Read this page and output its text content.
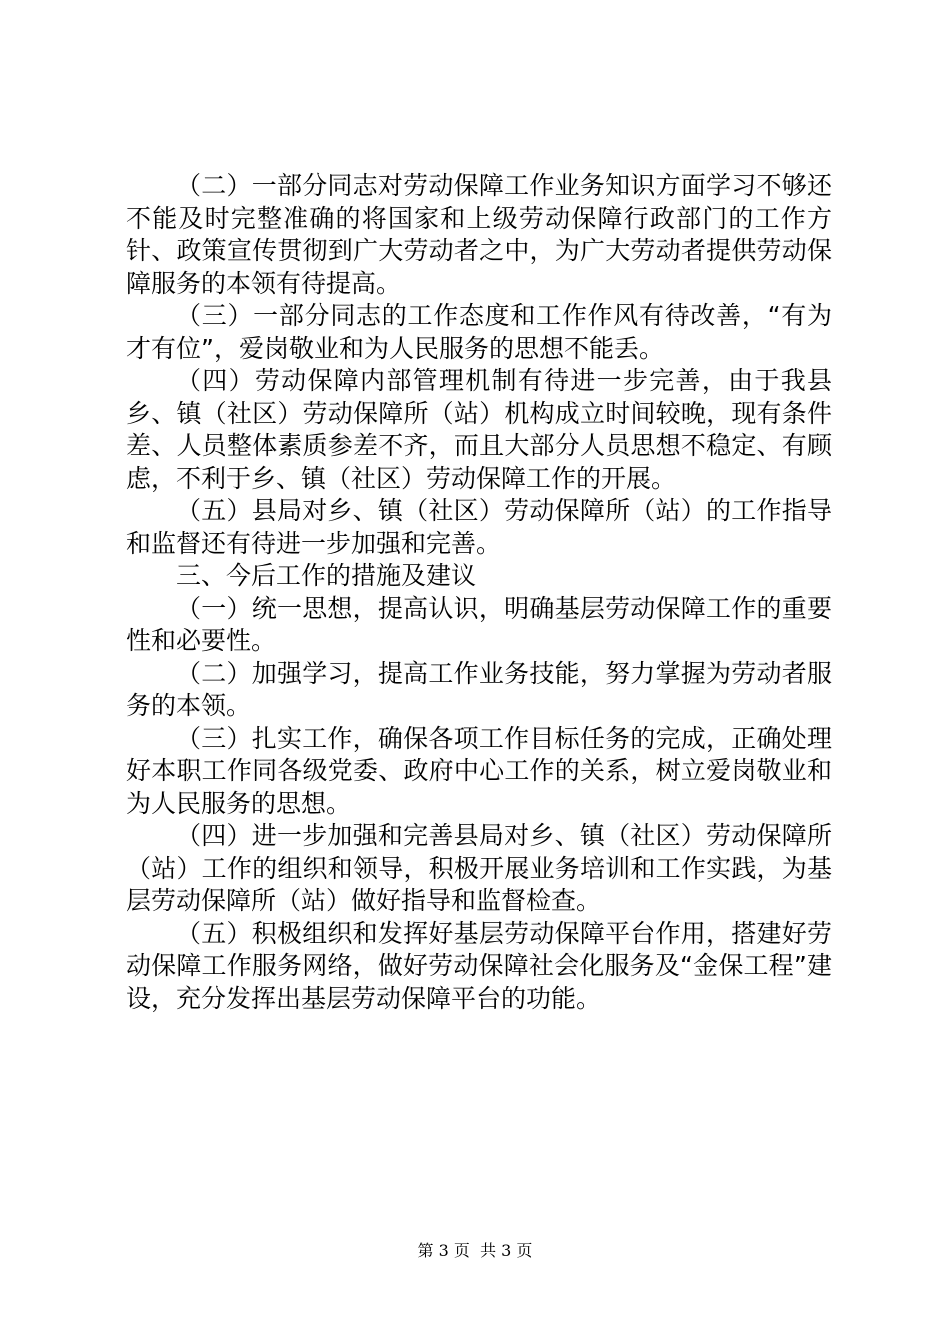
（二）一部分同志对劳动保障工作业务知识方面学习不够还不能及时完整准确的将国家和上级劳动保障行政部门的工作方针、政策宣传贯彻到广大劳动者之中，为广大劳动者提供劳动保障服务的本领有待提高。

（三）一部分同志的工作态度和工作作风有待改善，“有为才有位”，爱岗敬业和为人民服务的思想不能丢。

（四）劳动保障内部管理机制有待进一步完善，由于我县乡、镇（社区）劳动保障所（站）机构成立时间较晚，现有条件差、人员整体素质参差不齐，而且大部分人员思想不稳定、有顾虑，不利于乡、镇（社区）劳动保障工作的开展。

（五）县局对乡、镇（社区）劳动保障所（站）的工作指导和监督还有待进一步加强和完善。

三、今后工作的措施及建议

（一）统一思想，提高认识，明确基层劳动保障工作的重要性和必要性。

（二）加强学习，提高工作业务技能，努力掌握为劳动者服务的本领。

（三）扎实工作，确保各项工作目标任务的完成，正确处理好本职工作同各级党委、政府中心工作的关系，树立爱岗敬业和为人民服务的思想。

（四）进一步加强和完善县局对乡、镇（社区）劳动保障所（站）工作的组织和领导，积极开展业务培训和工作实践，为基层劳动保障所（站）做好指导和监督检查。

（五）积极组织和发挥好基层劳动保障平台作用，搭建好劳动保障工作服务网络，做好劳动保障社会化服务及“金保工程”建设，充分发挥出基层劳动保障平台的功能。

第 3 页  共 3 页
